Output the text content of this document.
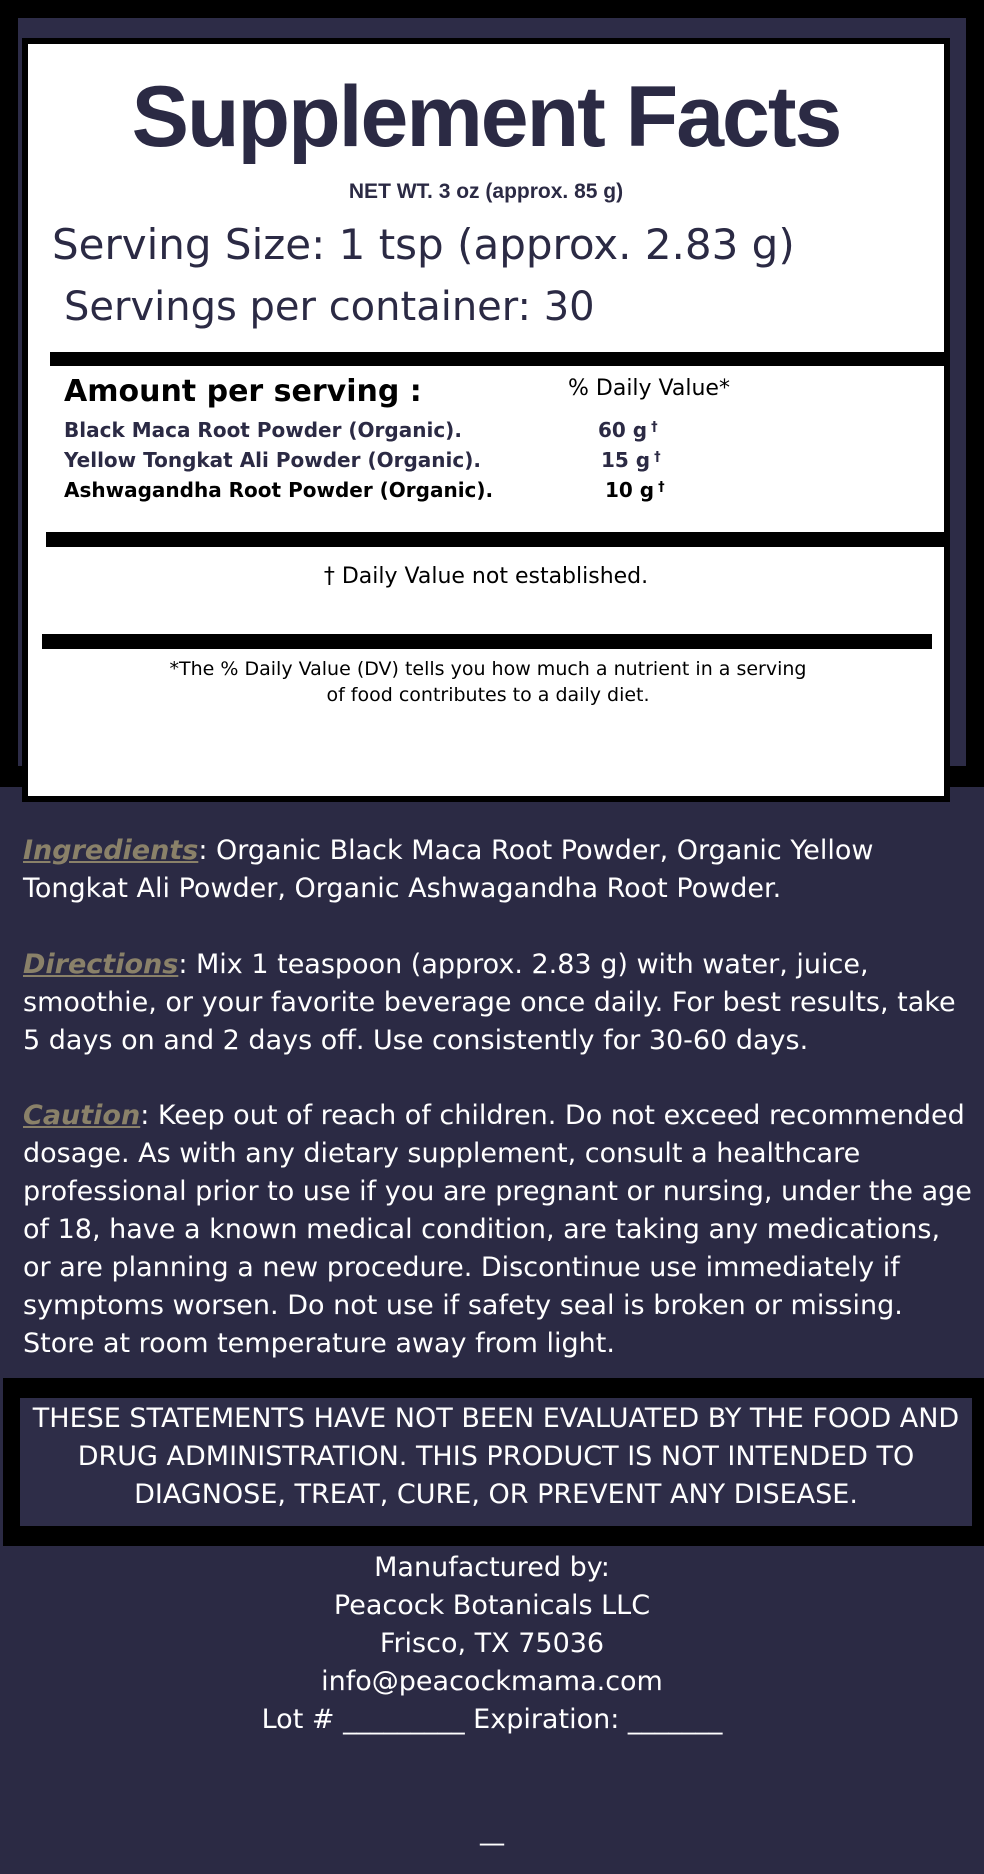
Supplement Facts
NET WT. 3 oz (approx. 85 g)
Serving Size: 1 tsp (approx. 2.83 g)
Servings per container: 30
Amount per serving :	% Daily Value*
Black Maca Root Powder (Organic).	60 g †
Yellow Tongkat Ali Powder (Organic).	15 g †
Ashwagandha Root Powder (Organic).	10 g †
† Daily Value not established.
*The % Daily Value (DV) tells you how much a nutrient in a serving
of food contributes to a daily diet.
Ingredients: Organic Black Maca Root Powder, Organic Yellow Tongkat Ali Powder, Organic Ashwagandha Root Powder.
Directions: Mix 1 teaspoon (approx. 2.83 g) with water, juice, smoothie, or your favorite beverage once daily. For best results, take 5 days on and 2 days off. Use consistently for 30-60 days.
Caution: Keep out of reach of children. Do not exceed recommended dosage. As with any dietary supplement, consult a healthcare professional prior to use if you are pregnant or nursing, under the age of 18, have a known medical condition, are taking any medications, or are planning a new procedure. Discontinue use immediately if symptoms worsen. Do not use if safety seal is broken or missing. Store at room temperature away from light.
THESE STATEMENTS HAVE NOT BEEN EVALUATED BY THE FOOD AND DRUG ADMINISTRATION. THIS PRODUCT IS NOT INTENDED TO DIAGNOSE, TREAT, CURE, OR PREVENT ANY DISEASE.
Manufactured by:
Peacock Botanicals LLC
Frisco, TX 75036
info@peacockmama.com
Lot # _________ Expiration: _______
—
